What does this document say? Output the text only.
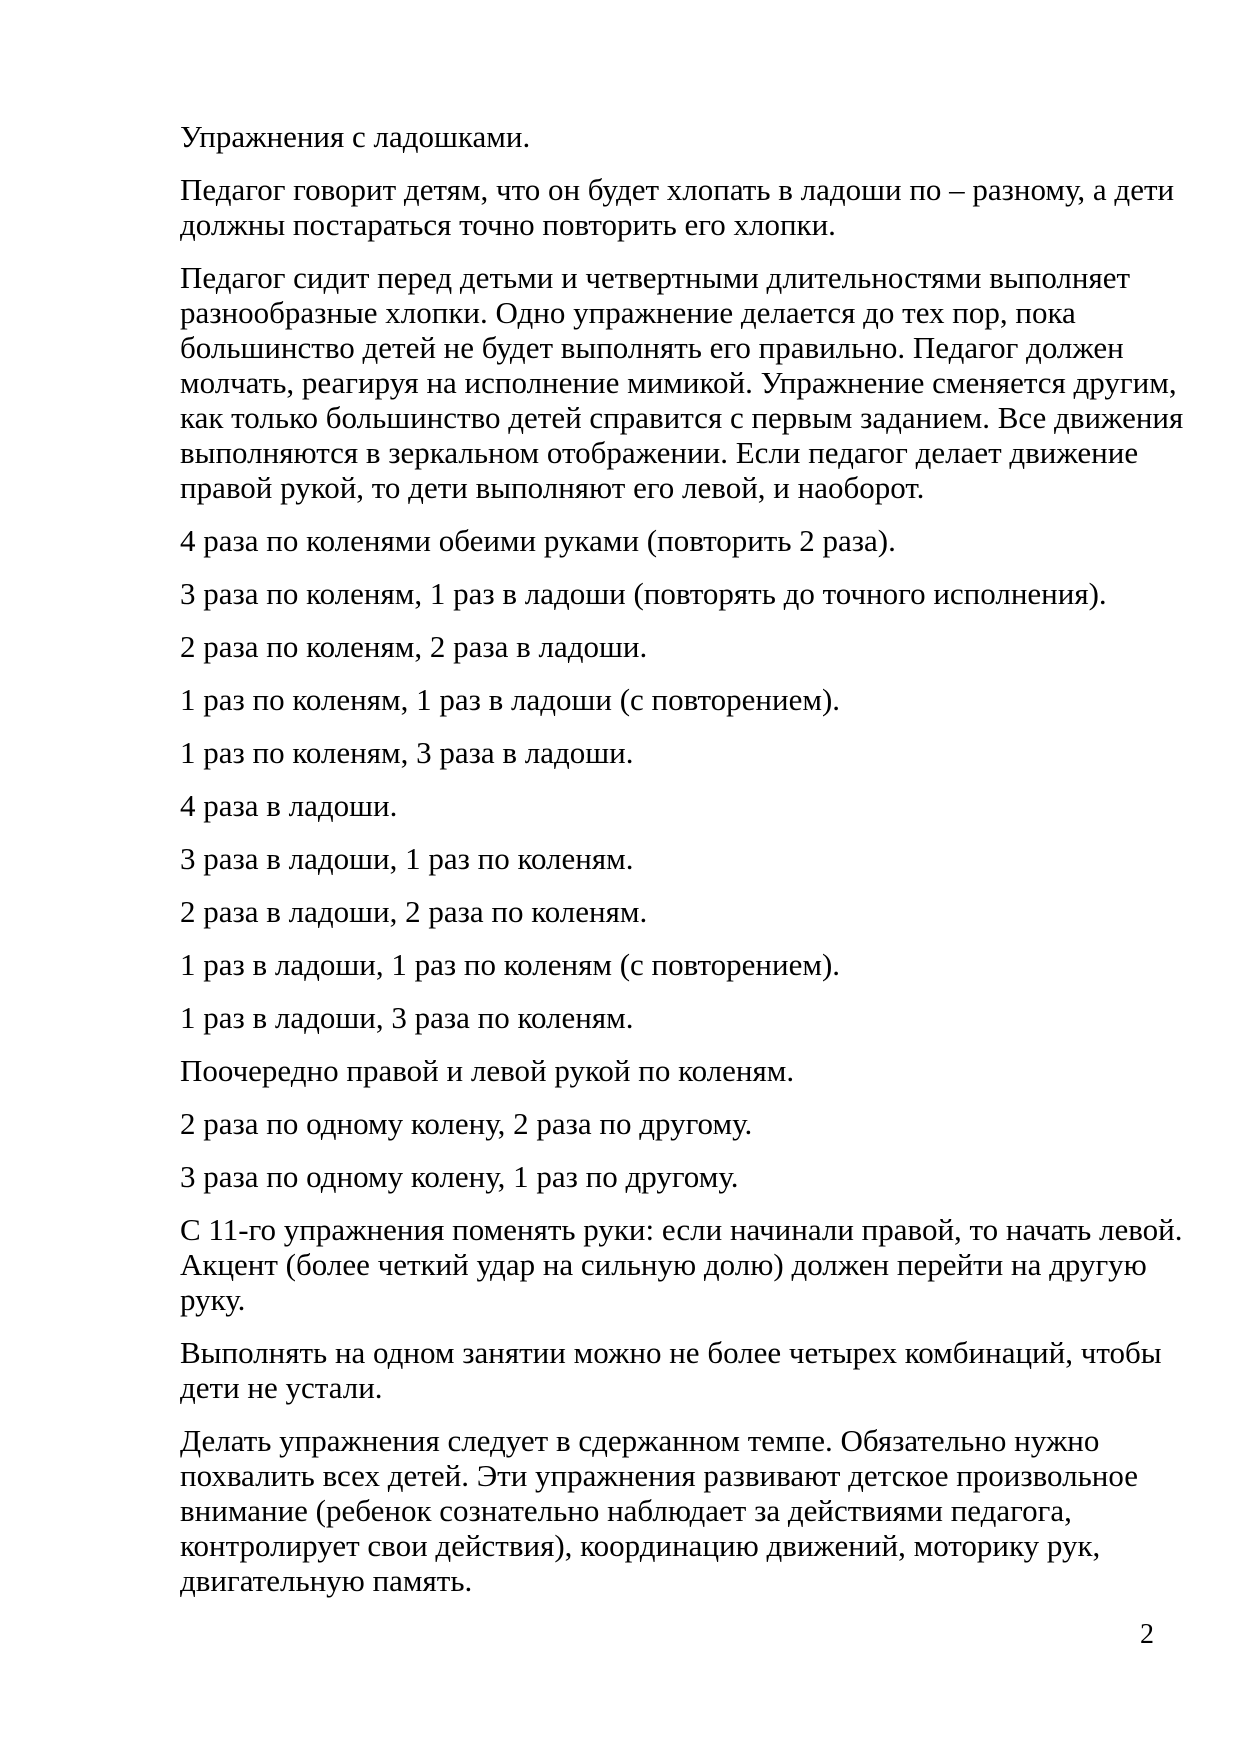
Упражнения с ладошками.

Педагог говорит детям, что он будет хлопать в ладоши по – разному, а дети
должны постараться точно повторить его хлопки.

Педагог сидит перед детьми и четвертными длительностями выполняет
разнообразные хлопки. Одно упражнение делается до тех пор, пока
большинство детей не будет выполнять его правильно. Педагог должен
молчать, реагируя на исполнение мимикой. Упражнение сменяется другим,
как только большинство детей справится с первым заданием. Все движения
выполняются в зеркальном отображении. Если педагог делает движение
правой рукой, то дети выполняют его левой, и наоборот.

4 раза по коленями обеими руками (повторить 2 раза).

3 раза по коленям, 1 раз в ладоши (повторять до точного исполнения).

2 раза по коленям, 2 раза в ладоши.

1 раз по коленям, 1 раз в ладоши (с повторением).

1 раз по коленям, 3 раза в ладоши.

4 раза в ладоши.

3 раза в ладоши, 1 раз по коленям.

2 раза в ладоши, 2 раза по коленям.

1 раз в ладоши, 1 раз по коленям (с повторением).

1 раз в ладоши, 3 раза по коленям.

Поочередно правой и левой рукой по коленям.

2 раза по одному колену, 2 раза по другому.

3 раза по одному колену, 1 раз по другому.

С 11-го упражнения поменять руки: если начинали правой, то начать левой.
Акцент (более четкий удар на сильную долю) должен перейти на другую
руку.

Выполнять на одном занятии можно не более четырех комбинаций, чтобы
дети не устали.

Делать упражнения следует в сдержанном темпе. Обязательно нужно
похвалить всех детей. Эти упражнения развивают детское произвольное
внимание (ребенок сознательно наблюдает за действиями педагога,
контролирует свои действия), координацию движений, моторику рук,
двигательную память.

2
